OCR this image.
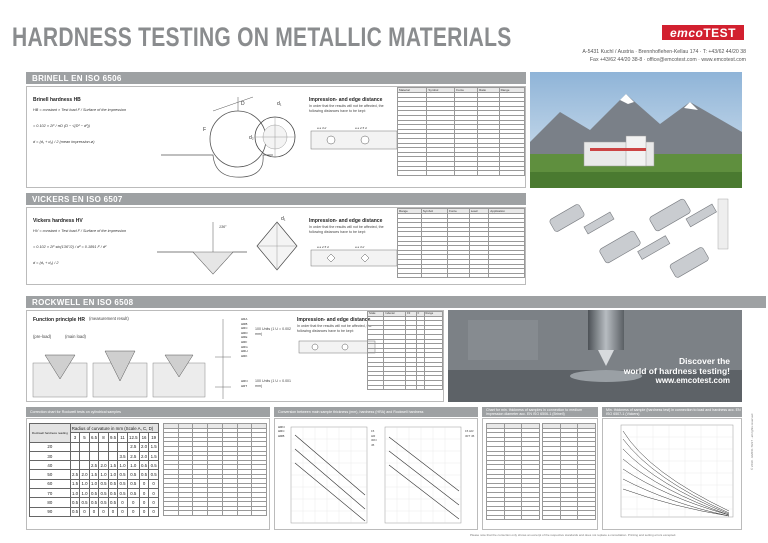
HARDNESS TESTING ON METALLIC MATERIALS	emco TEST
A-5431 Kuchl / Austria · Brennhoflehen-Kellau 174 · T: +43/62 44/20 38
Fax +43/62 44/20 38-8 · office@emcotest.com · www.emcotest.com
BRINELL EN ISO 6506
Brinell hardness HB
HB = constant × Test load F / Surface of the impression
= 0.102 × 2F / πD (D − √(D² − d²))
d = (d₁ + d₂) / 2 (mean impression-ø)
D
F
d₁
d₂
Impression- and edge distance
In order that the results will not be affected, the following distances have to be kept:
a ≥ 3 d	a ≥ 2.5 d
Material	Symbol	Force	Ratio	Range

VICKERS EN ISO 6507
Vickers hardness HV
HV = constant × Test load F / Surface of the impression
= 0.102 × 2F sin(136°/2) / d² = 0.1891 F / d²
d = (d₁ + d₂) / 2
136°
d₁	Impression- and edge distance
In order that the results will not be affected, the following distances have to be kept:
a ≥ 2.5 d	a ≥ 3 d
Range	Symbol	Force	Load	Application

ROCKWELL EN ISO 6508
Function principle HR (measurement result)
(pre-load)	(main load)
HRA
HRB
HRC
HRD
HRE
HRF
HRG
HRH
HRK
100 Units (1 U = 0.002 mm)
HRN
HRT
100 Units (1 U = 0.001 mm)
Impression- and edge distance
In order that the results will not be affected, the following distances have to be kept:
Scale	Indenter	F0	F	Range

Discover the
world of hardness testing!
www.emcotest.com
Correction chart for Rockwell tests on cylindrical samples
Rockwell hardness reading	Radius of curvature in mm (Scale A, C, D)								
	3	5	6.5	8	9.5	11	12.5	16	19
20							2.5	2.0	1.5
30						3.5	2.5	2.0	1.5
40			2.5	2.0	1.5	1.0	1.0	0.5	0.5
50	2.5	2.0	1.5	1.0	1.0	0.5	0.5	0.5	0.5
60	1.5	1.0	1.0	0.5	0.5	0.5	0.5	0	0
70	1.0	1.0	0.5	0.5	0.5	0.5	0.5	0	0
80	0.5	0.5	0.5	0.5	0.5	0	0	0	0
90	0.5	0	0	0	0	0	0	0	0

Conversion between main sample thickness (mm), hardness (HRA) and Rockwell hardness
HRN
HRC
HRB
15 HR 30N 45
15 HR 30T 45
Chart for min. thickness of samples in connection to medium impression diameter acc. EN ISO 6506-1 (Brinell)

Min. thickness of sample (hardness test) in connection to load and hardness acc. EN ISO 6507-1 (Vickers)
Please note that the correction only shows an excerpt of the respective standards and does not replace a consultation. Printing and setting errors excepted.
© 2010 · EMCO-TEST · all rights reserved
